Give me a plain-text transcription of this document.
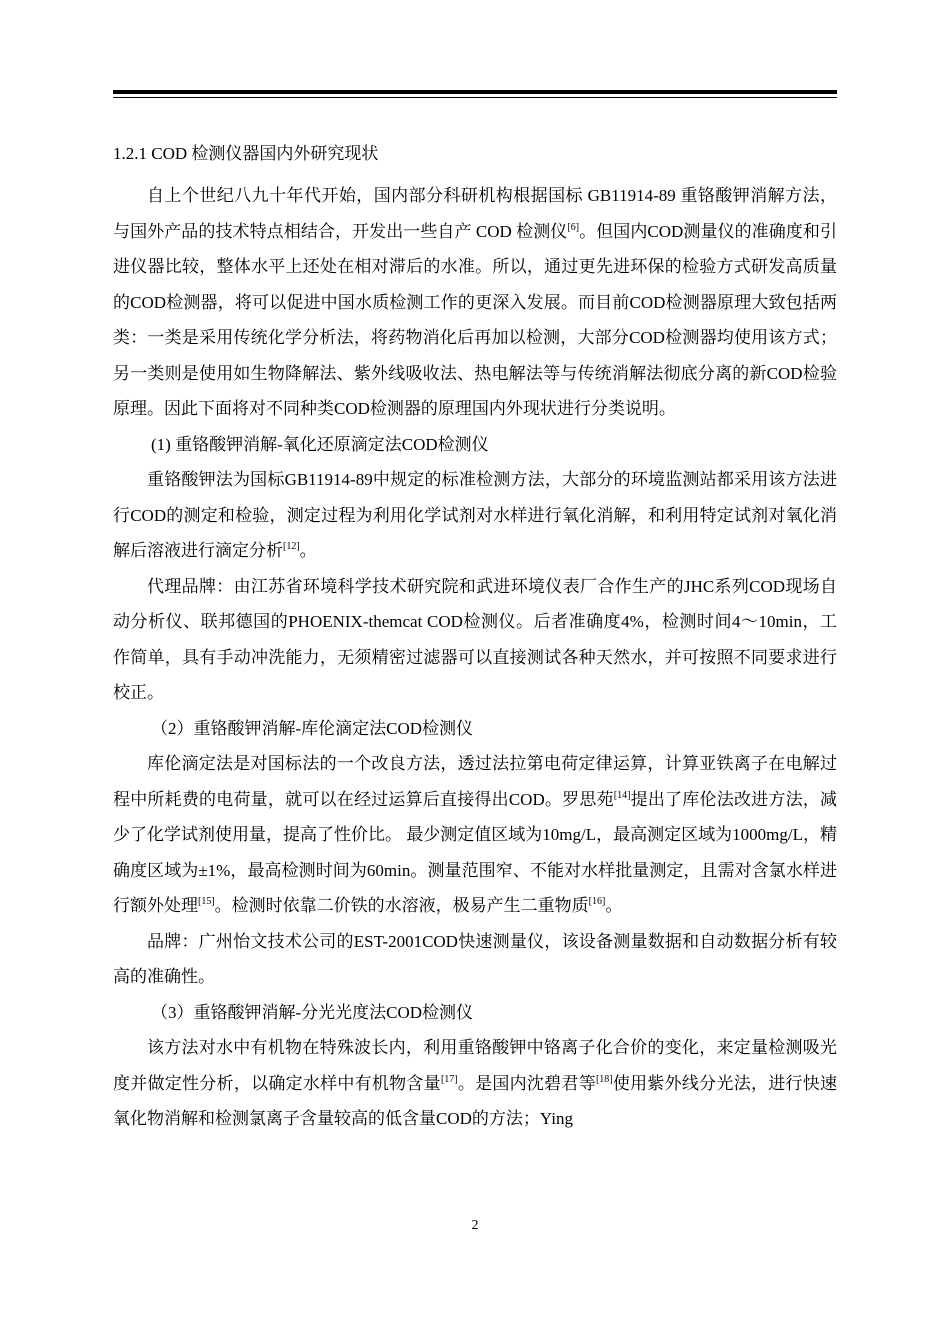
1.2.1 COD 检测仪器国内外研究现状

自上个世纪八九十年代开始，国内部分科研机构根据国标 GB11914-89 重铬酸钾消解方法，与国外产品的技术特点相结合，开发出一些自产 COD 检测仪[6]。但国内COD测量仪的准确度和引进仪器比较，整体水平上还处在相对滞后的水准。所以，通过更先进环保的检验方式研发高质量的COD检测器，将可以促进中国水质检测工作的更深入发展。而目前COD检测器原理大致包括两类：一类是采用传统化学分析法，将药物消化后再加以检测，大部分COD检测器均使用该方式；另一类则是使用如生物降解法、紫外线吸收法、热电解法等与传统消解法彻底分离的新COD检验原理。因此下面将对不同种类COD检测器的原理国内外现状进行分类说明。

(1) 重铬酸钾消解-氧化还原滴定法COD检测仪

重铬酸钾法为国标GB11914-89中规定的标准检测方法，大部分的环境监测站都采用该方法进行COD的测定和检验，测定过程为利用化学试剂对水样进行氧化消解，和利用特定试剂对氧化消解后溶液进行滴定分析[12]。

代理品牌：由江苏省环境科学技术研究院和武进环境仪表厂合作生产的JHC系列COD现场自动分析仪、联邦德国的PHOENIX-themcat COD检测仪。后者准确度4%，检测时间4～10min，工作简单，具有手动冲洗能力，无须精密过滤器可以直接测试各种天然水，并可按照不同要求进行校正。

（2）重铬酸钾消解-库伦滴定法COD检测仪

库伦滴定法是对国标法的一个改良方法，透过法拉第电荷定律运算，计算亚铁离子在电解过程中所耗费的电荷量，就可以在经过运算后直接得出COD。罗思苑[14]提出了库伦法改进方法，减少了化学试剂使用量，提高了性价比。 最少测定值区域为10mg/L，最高测定区域为1000mg/L，精确度区域为±1%，最高检测时间为60min。测量范围窄、不能对水样批量测定，且需对含氯水样进行额外处理[15]。检测时依靠二价铁的水溶液，极易产生二重物质[16]。

品牌：广州怡文技术公司的EST-2001COD快速测量仪，该设备测量数据和自动数据分析有较高的准确性。

（3）重铬酸钾消解-分光光度法COD检测仪

该方法对水中有机物在特殊波长内，利用重铬酸钾中铬离子化合价的变化，来定量检测吸光度并做定性分析，以确定水样中有机物含量[17]。是国内沈碧君等[18]使用紫外线分光法，进行快速氧化物消解和检测氯离子含量较高的低含量COD的方法；Ying

2
